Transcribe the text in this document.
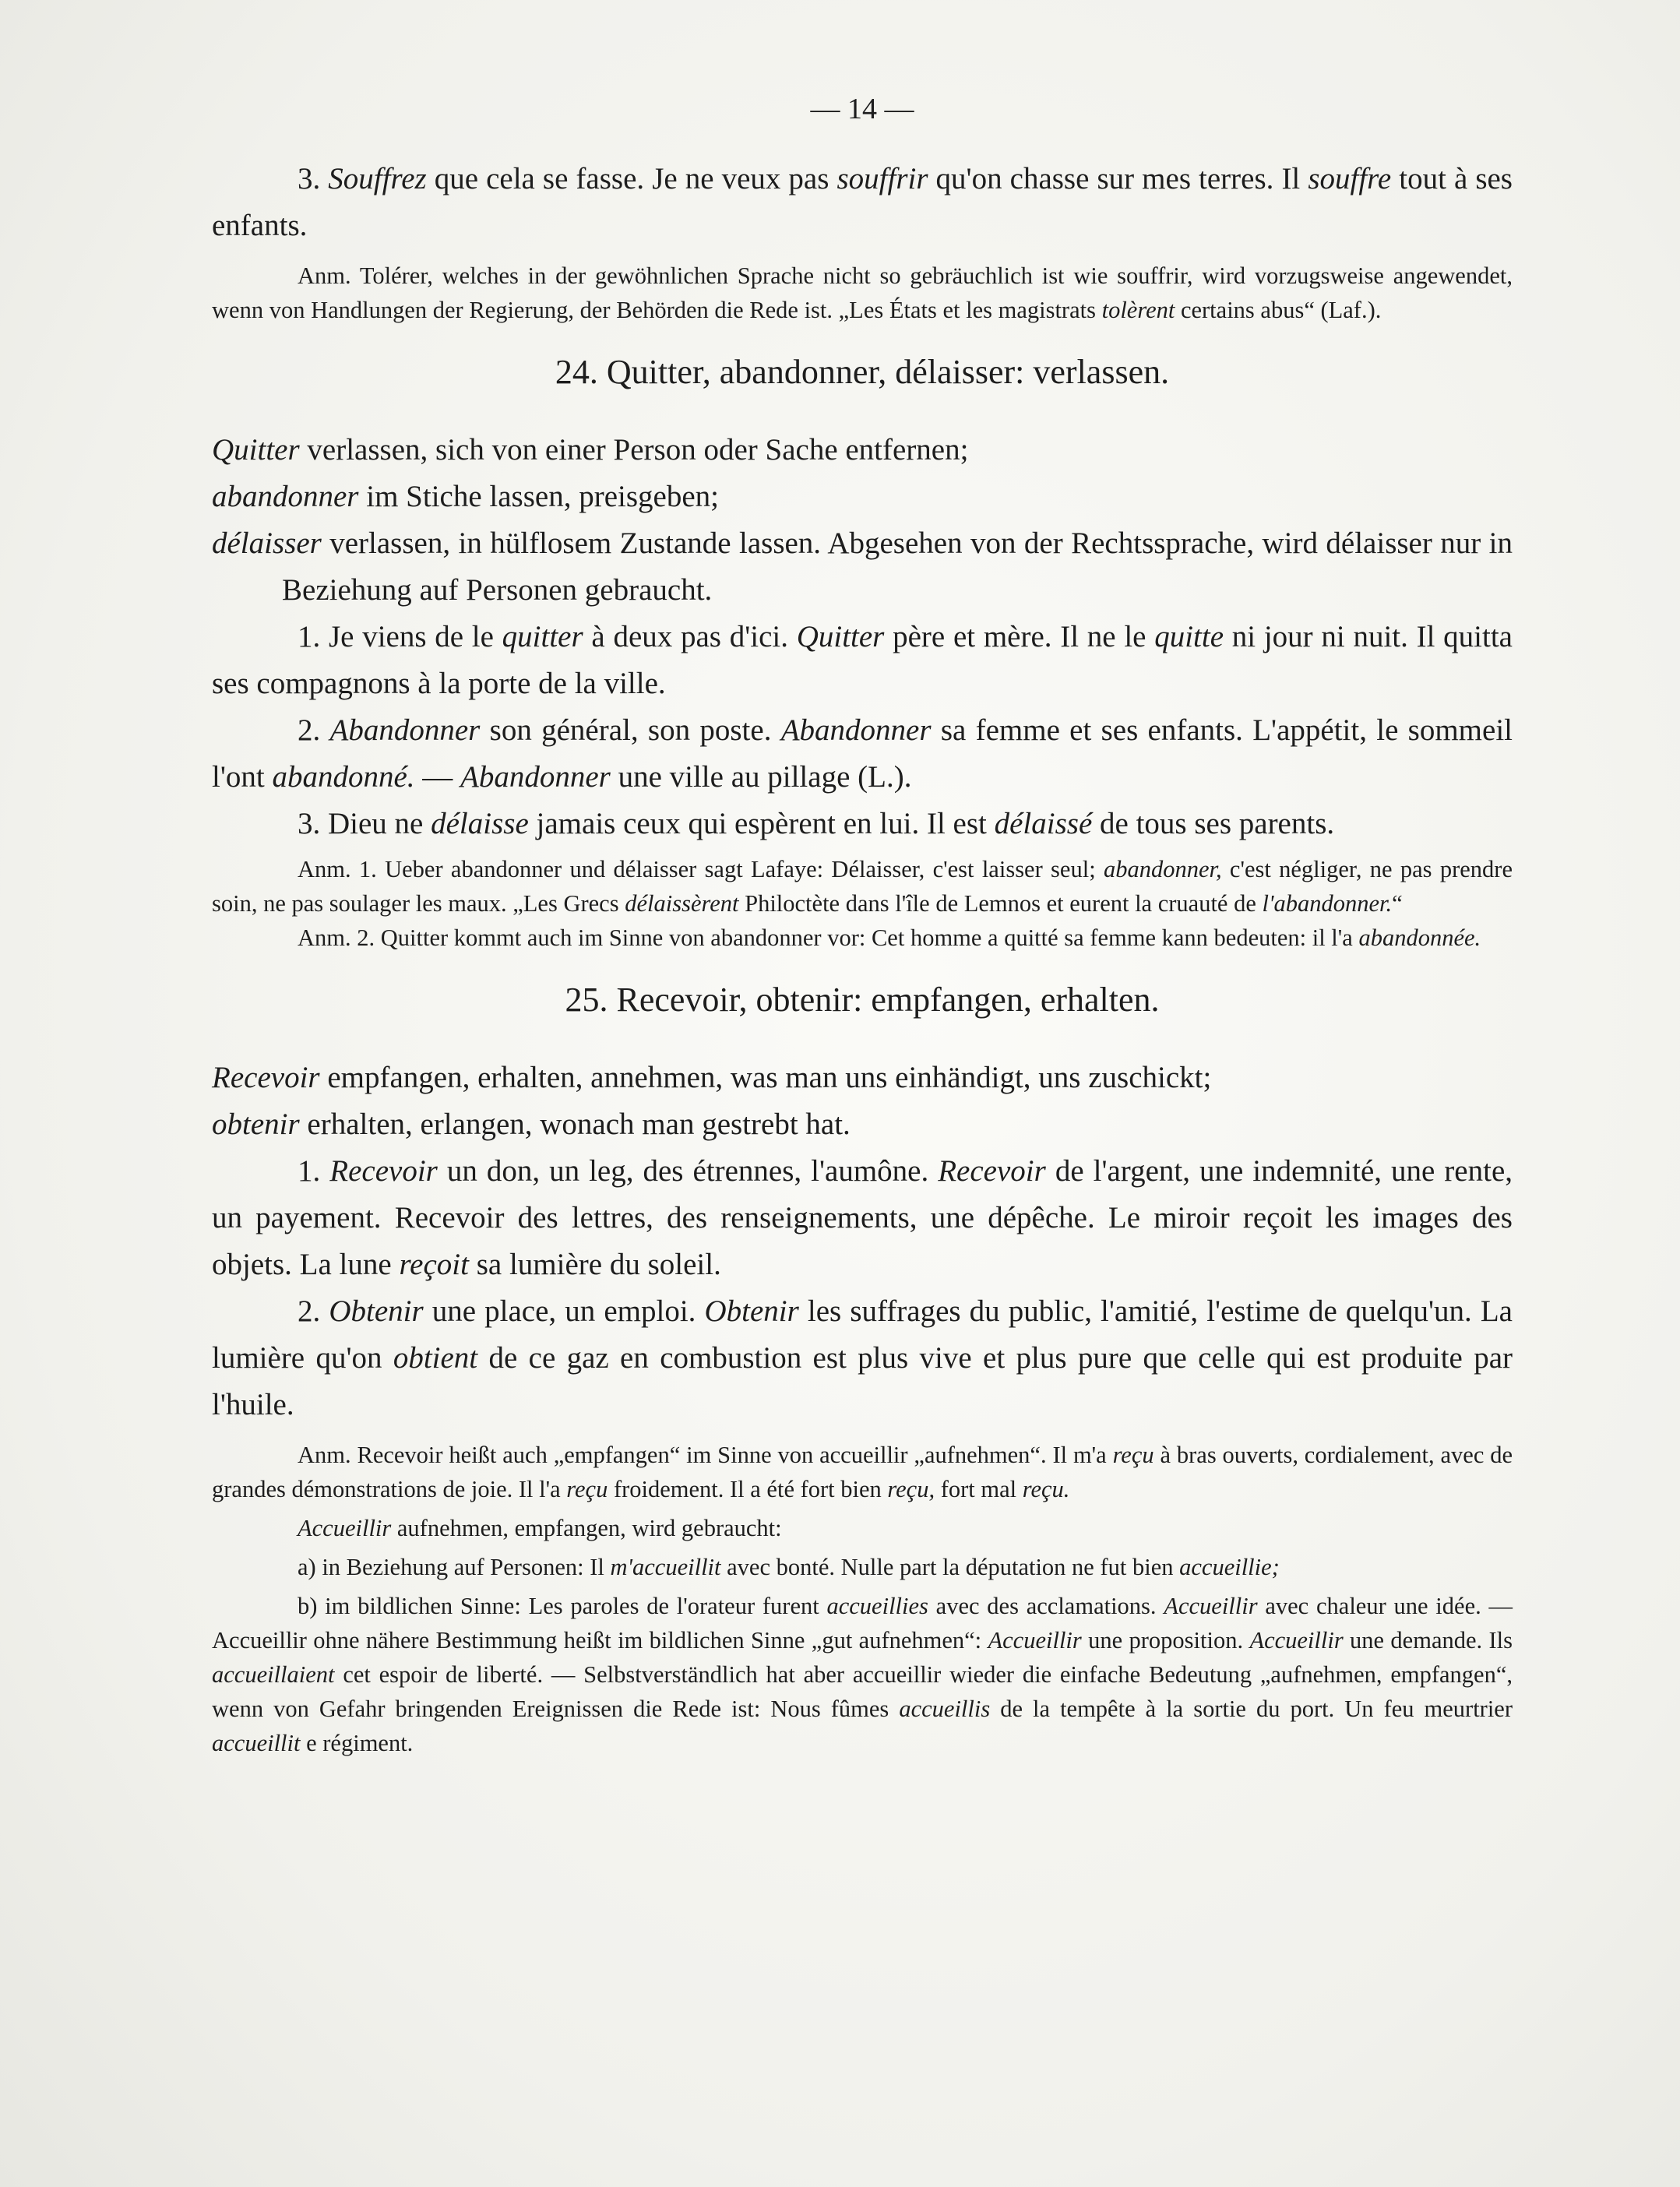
— 14 —

3. Souffrez que cela se fasse. Je ne veux pas souffrir qu'on chasse sur mes terres. Il souffre tout à ses enfants.

Anm. Tolérer, welches in der gewöhnlichen Sprache nicht so gebräuchlich ist wie souffrir, wird vorzugsweise angewendet, wenn von Handlungen der Regierung, der Behörden die Rede ist. „Les États et les magistrats tolèrent certains abus“ (Laf.).

24. Quitter, abandonner, délaisser: verlassen.

Quitter verlassen, sich von einer Person oder Sache entfernen;

abandonner im Stiche lassen, preisgeben;

délaisser verlassen, in hülflosem Zustande lassen. Abgesehen von der Rechtssprache, wird délaisser nur in Beziehung auf Personen gebraucht.

1. Je viens de le quitter à deux pas d'ici. Quitter père et mère. Il ne le quitte ni jour ni nuit. Il quitta ses compagnons à la porte de la ville.

2. Abandonner son général, son poste. Abandonner sa femme et ses enfants. L'appétit, le sommeil l'ont abandonné. — Abandonner une ville au pillage (L.).

3. Dieu ne délaisse jamais ceux qui espèrent en lui. Il est délaissé de tous ses parents.

Anm. 1. Ueber abandonner und délaisser sagt Lafaye: Délaisser, c'est laisser seul; abandonner, c'est négliger, ne pas prendre soin, ne pas soulager les maux. „Les Grecs délaissèrent Philoctète dans l'île de Lemnos et eurent la cruauté de l'abandonner.“

Anm. 2. Quitter kommt auch im Sinne von abandonner vor: Cet homme a quitté sa femme kann bedeuten: il l'a abandonnée.

25. Recevoir, obtenir: empfangen, erhalten.

Recevoir empfangen, erhalten, annehmen, was man uns einhändigt, uns zuschickt;

obtenir erhalten, erlangen, wonach man gestrebt hat.

1. Recevoir un don, un leg, des étrennes, l'aumône. Recevoir de l'argent, une indemnité, une rente, un payement. Recevoir des lettres, des renseignements, une dépêche. Le miroir reçoit les images des objets. La lune reçoit sa lumière du soleil.

2. Obtenir une place, un emploi. Obtenir les suffrages du public, l'amitié, l'estime de quelqu'un. La lumière qu'on obtient de ce gaz en combustion est plus vive et plus pure que celle qui est produite par l'huile.

Anm. Recevoir heißt auch „empfangen“ im Sinne von accueillir „aufnehmen“. Il m'a reçu à bras ouverts, cordialement, avec de grandes démonstrations de joie. Il l'a reçu froidement. Il a été fort bien reçu, fort mal reçu.

Accueillir aufnehmen, empfangen, wird gebraucht:

a) in Beziehung auf Personen: Il m'accueillit avec bonté. Nulle part la députation ne fut bien accueillie;

b) im bildlichen Sinne: Les paroles de l'orateur furent accueillies avec des acclamations. Accueillir avec chaleur une idée. — Accueillir ohne nähere Bestimmung heißt im bildlichen Sinne „gut aufnehmen“: Accueillir une proposition. Accueillir une demande. Ils accueillaient cet espoir de liberté. — Selbstverständlich hat aber accueillir wieder die einfache Bedeutung „aufnehmen, empfangen“, wenn von Gefahr bringenden Ereignissen die Rede ist: Nous fûmes accueillis de la tempête à la sortie du port. Un feu meurtrier accueillit e régiment.
